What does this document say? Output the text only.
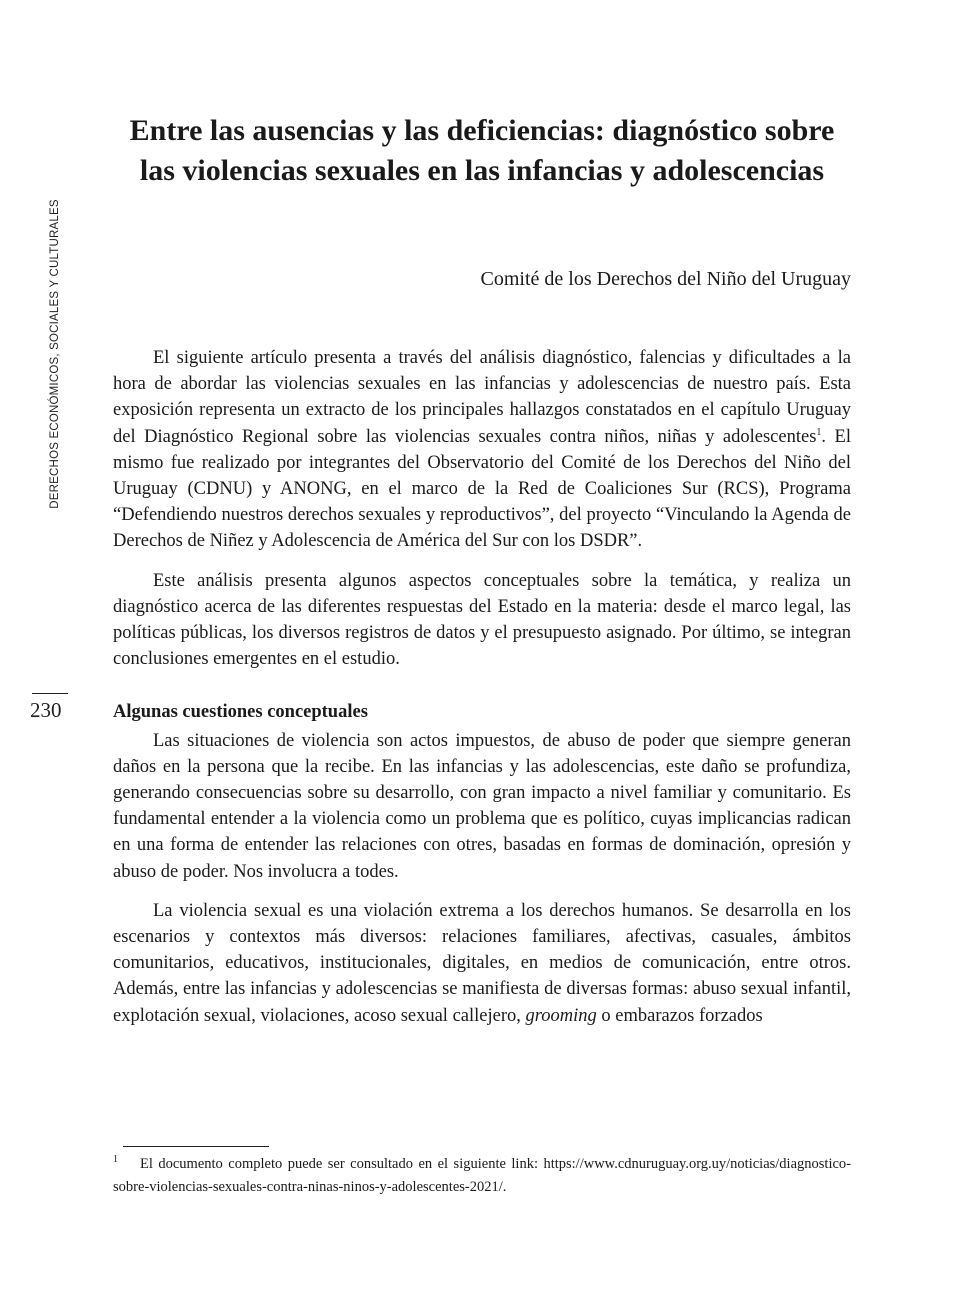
DERECHOS ECONÓMICOS, SOCIALES Y CULTURALES
230
Entre las ausencias y las deficiencias: diagnóstico sobre las violencias sexuales en las infancias y adolescencias

Comité de los Derechos del Niño del Uruguay

El siguiente artículo presenta a través del análisis diagnóstico, falencias y dificultades a la hora de abordar las violencias sexuales en las infancias y adolescencias de nuestro país. Esta exposición representa un extracto de los principales hallazgos constatados en el capítulo Uruguay del Diagnóstico Regional sobre las violencias sexuales contra niños, niñas y adolescentes$^1$. El mismo fue realizado por integrantes del Observatorio del Comité de los Derechos del Niño del Uruguay (CDNU) y ANONG, en el marco de la Red de Coaliciones Sur (RCS), Programa “Defendiendo nuestros derechos sexuales y reproductivos”, del proyecto “Vinculando la Agenda de Derechos de Niñez y Adolescencia de América del Sur con los DSDR”.

Este análisis presenta algunos aspectos conceptuales sobre la temática, y realiza un diagnóstico acerca de las diferentes respuestas del Estado en la materia: desde el marco legal, las políticas públicas, los diversos registros de datos y el presupuesto asignado. Por último, se integran conclusiones emergentes en el estudio.

Algunas cuestiones conceptuales

Las situaciones de violencia son actos impuestos, de abuso de poder que siempre generan daños en la persona que la recibe. En las infancias y las adolescencias, este daño se profundiza, generando consecuencias sobre su desarrollo, con gran impacto a nivel familiar y comunitario. Es fundamental entender a la violencia como un problema que es político, cuyas implicancias radican en una forma de entender las relaciones con otres, basadas en formas de dominación, opresión y abuso de poder. Nos involucra a todes.

La violencia sexual es una violación extrema a los derechos humanos. Se desarrolla en los escenarios y contextos más diversos: relaciones familiares, afectivas, casuales, ámbitos comunitarios, educativos, institucionales, digitales, en medios de comunicación, entre otros. Además, entre las infancias y adolescencias se manifiesta de diversas formas: abuso sexual infantil, explotación sexual, violaciones, acoso sexual callejero, grooming o embarazos forzados

$^1$ El documento completo puede ser consultado en el siguiente link: https://www.cdnuruguay.org.uy/noticias/diagnostico-sobre-violencias-sexuales-contra-ninas-ninos-y-adolescentes-2021/.
